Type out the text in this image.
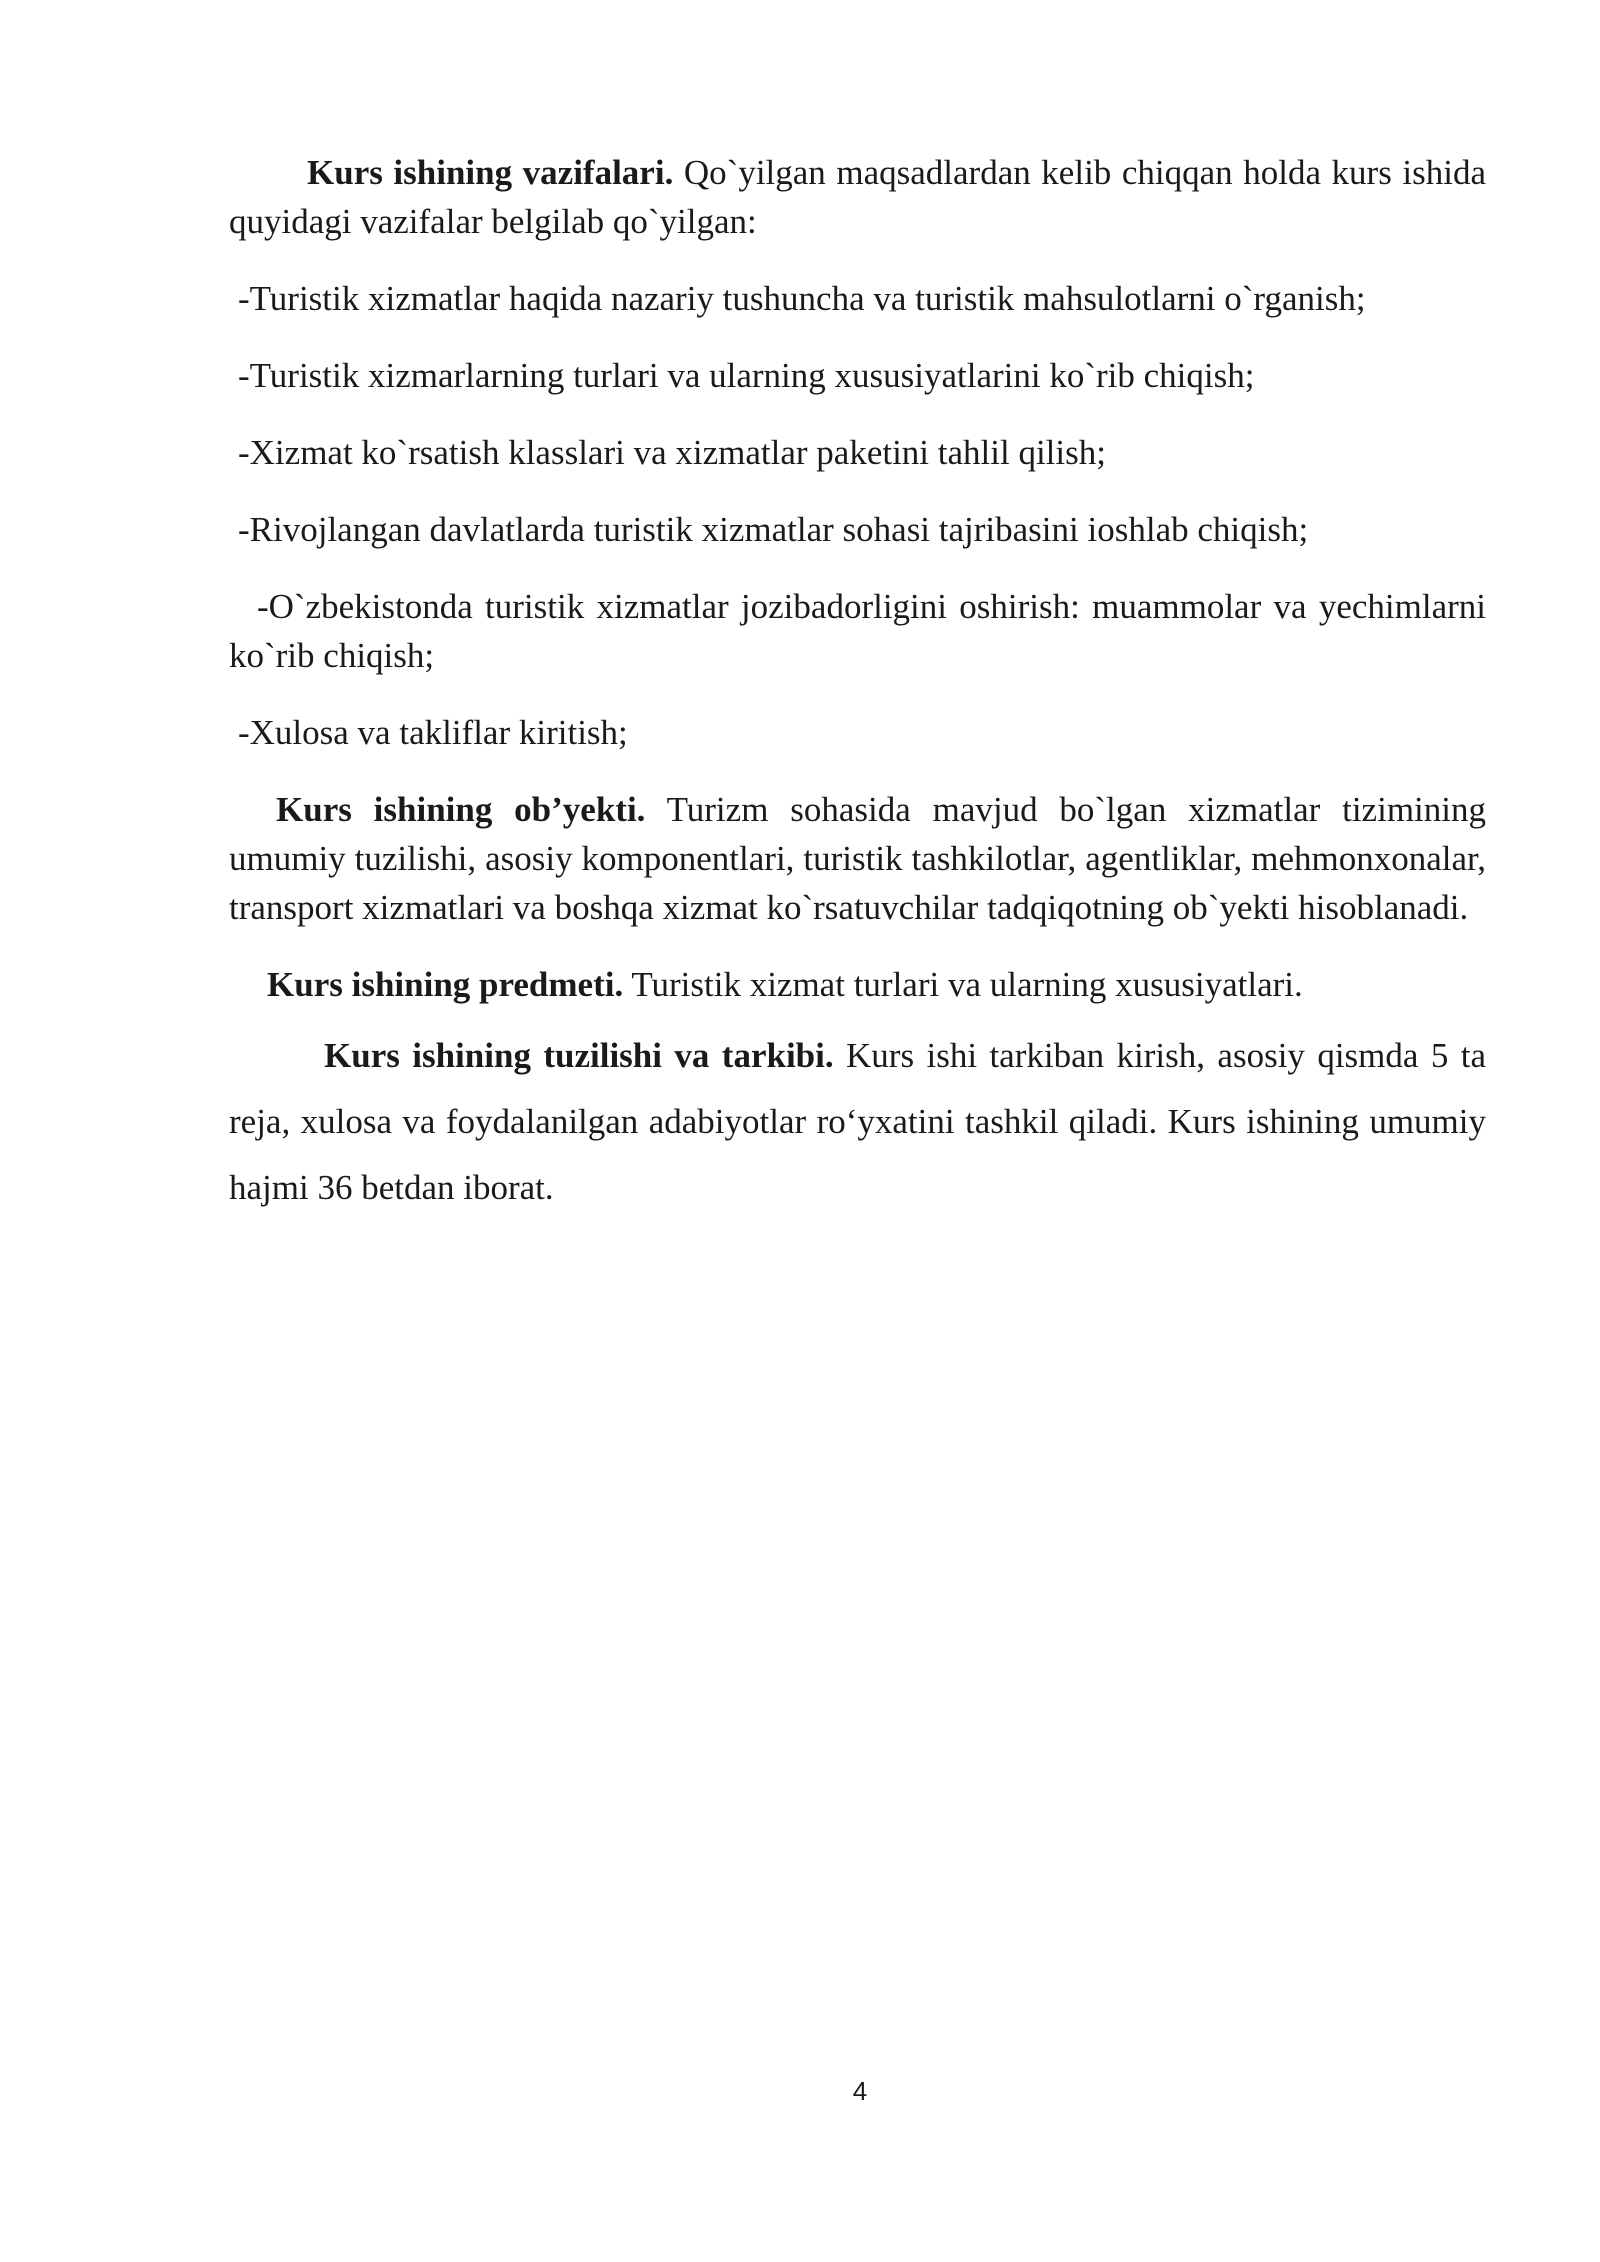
Kurs ishining vazifalari. Qo`yilgan maqsadlardan kelib chiqqan holda kurs ishida quyidagi vazifalar belgilab qo`yilgan:

-Turistik xizmatlar haqida nazariy tushuncha va turistik mahsulotlarni o`rganish;

-Turistik xizmarlarning turlari va ularning xususiyatlarini ko`rib chiqish;

-Xizmat ko`rsatish klasslari va xizmatlar paketini tahlil qilish;

-Rivojlangan davlatlarda turistik xizmatlar sohasi tajribasini ioshlab chiqish;

-O`zbekistonda turistik xizmatlar jozibadorligini oshirish: muammolar va yechimlarni ko`rib chiqish;

-Xulosa va takliflar kiritish;

Kurs ishining ob’yekti. Turizm sohasida mavjud bo`lgan xizmatlar tizimining umumiy tuzilishi, asosiy komponentlari, turistik tashkilotlar, agentliklar, mehmonxonalar, transport xizmatlari va boshqa xizmat ko`rsatuvchilar tadqiqotning ob`yekti hisoblanadi.

Kurs ishining predmeti. Turistik xizmat turlari va ularning xususiyatlari.

Kurs ishining tuzilishi va tarkibi. Kurs ishi tarkiban kirish, asosiy qismda 5 ta reja, xulosa va foydalanilgan adabiyotlar ro‘yxatini tashkil qiladi. Kurs ishining umumiy hajmi 36 betdan iborat.

4
